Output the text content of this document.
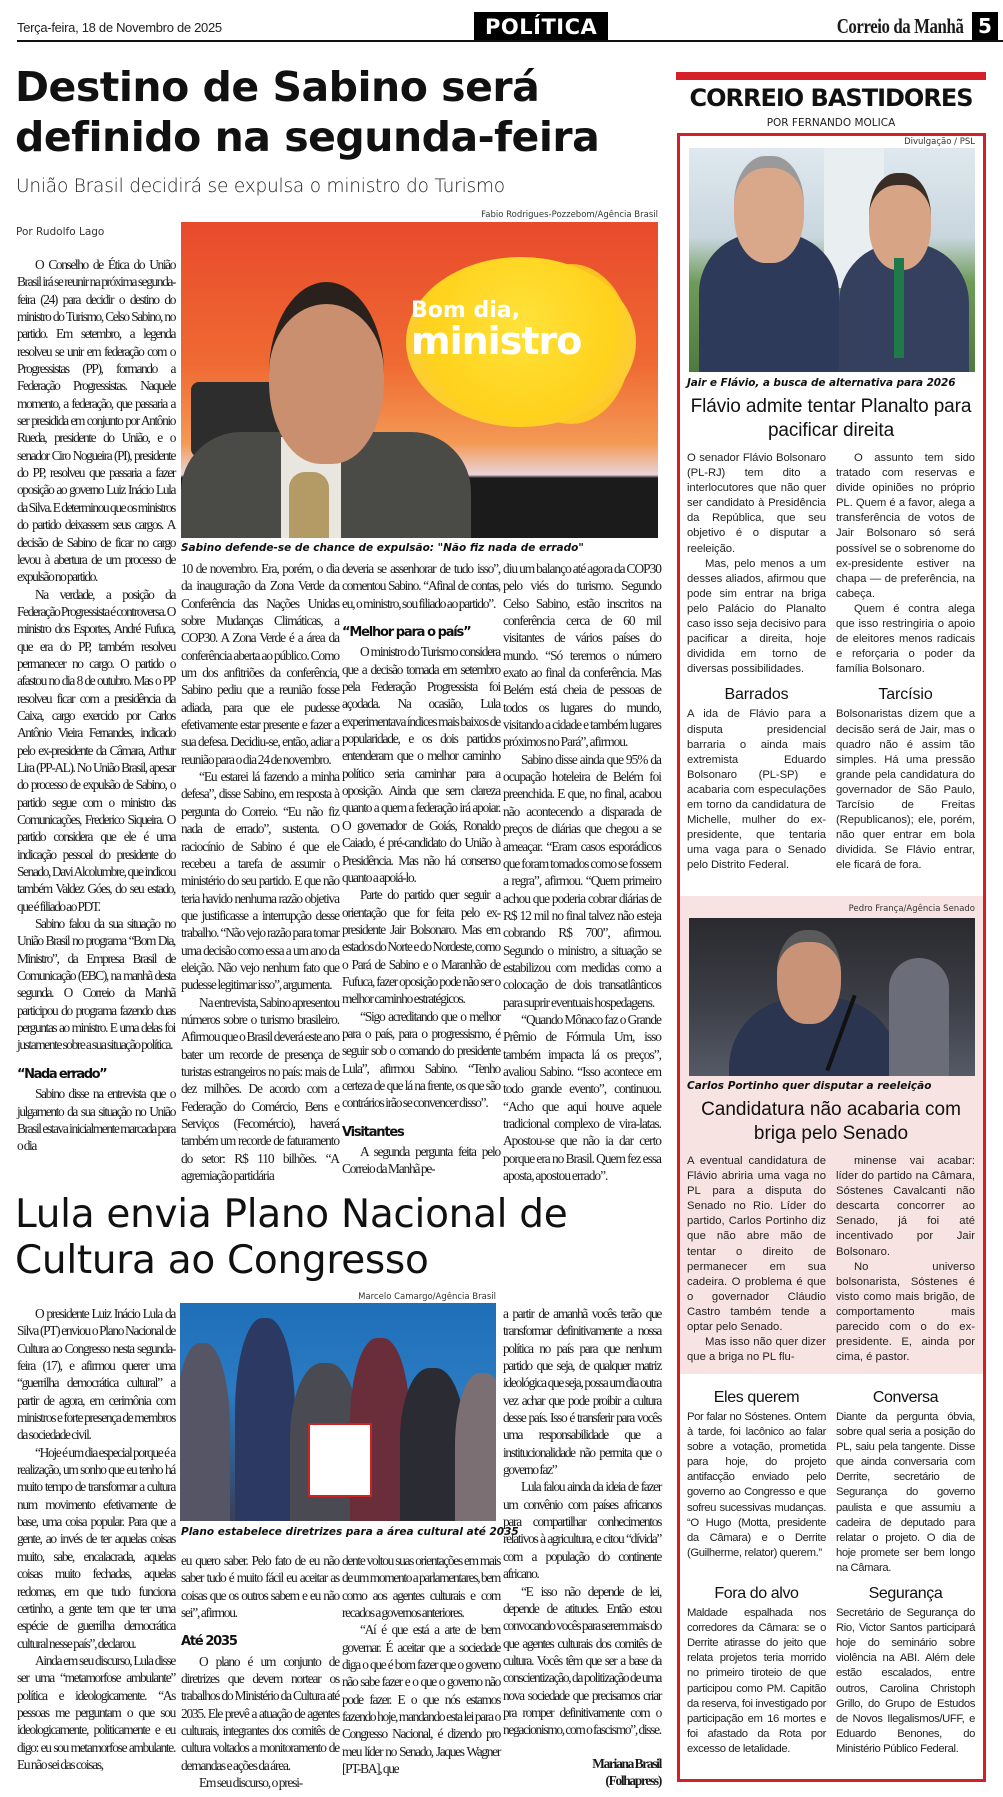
Terça-feira, 18 de Novembro de 2025	POLÍTICA	Correio da Manhã 5
Destino de Sabino será definido na segunda-feira
União Brasil decidirá se expulsa o ministro do Turismo
Por Rudolfo Lago
Fabio Rodrigues-Pozzebom/Agência Brasil
Bom dia,
ministro
Sabino defende-se de chance de expulsão: "Não fiz nada de errado"

O Conselho de Ética do União Brasil irá se reunir na próxima segunda-feira (24) para decidir o destino do ministro do Turismo, Celso Sabino, no partido. Em setembro, a legenda resolveu se unir em federação com o Progressistas (PP), formando a Federação Progressistas. Naquele momento, a federação, que passaria a ser presidida em conjunto por Antônio Rueda, presidente do União, e o senador Ciro Nogueira (PI), presidente do PP, resolveu que passaria a fazer oposição ao governo Luiz Inácio Lula da Silva. E determinou que os ministros do partido deixassem seus cargos. A decisão de Sabino de ficar no cargo levou à abertura de um processo de expulsão no partido.

Na verdade, a posição da Federação Progressista é controversa. O ministro dos Esportes, André Fufuca, que era do PP, também resolveu permanecer no cargo. O partido o afastou no dia 8 de outubro. Mas o PP resolveu ficar com a presidência da Caixa, cargo exercido por Carlos Antônio Vieira Fernandes, indicado pelo ex-presidente da Câmara, Arthur Lira (PP-AL). No União Brasil, apesar do processo de expulsão de Sabino, o partido segue com o ministro das Comunicações, Frederico Siqueira. O partido considera que ele é uma indicação pessoal do presidente do Senado, Davi Alcolumbre, que indicou também Valdez Góes, do seu estado, que é filiado ao PDT.

Sabino falou da sua situação no União Brasil no programa “Bom Dia, Ministro”, da Empresa Brasil de Comunicação (EBC), na manhã desta segunda. O Correio da Manhã participou do programa fazendo duas perguntas ao ministro. E uma delas foi justamente sobre a sua situação política.

“Nada errado”

Sabino disse na entrevista que o julgamento da sua situação no União Brasil estava inicialmente marcada para o dia

10 de novembro. Era, porém, o dia da inauguração da Zona Verde da Conferência das Nações Unidas sobre Mudanças Climáticas, a COP30. A Zona Verde é a área da conferência aberta ao público. Como um dos anfitriões da conferência, Sabino pediu que a reunião fosse adiada, para que ele pudesse efetivamente estar presente e fazer a sua defesa. Decidiu-se, então, adiar a reunião para o dia 24 de novembro.

“Eu estarei lá fazendo a minha defesa”, disse Sabino, em resposta à pergunta do Correio. “Eu não fiz nada de errado”, sustenta. O raciocínio de Sabino é que ele recebeu a tarefa de assumir o ministério do seu partido. E que não teria havido nenhuma razão objetiva que justificasse a interrupção desse trabalho. “Não vejo razão para tomar uma decisão como essa a um ano da eleição. Não vejo nenhum fato que pudesse legitimar isso”, argumenta.

Na entrevista, Sabino apresentou números sobre o turismo brasileiro. Afirmou que o Brasil deverá este ano bater um recorde de presença de turistas estrangeiros no país: mais de dez milhões. De acordo com a Federação do Comércio, Bens e Serviços (Fecomércio), haverá também um recorde de faturamento do setor: R$ 110 bilhões. “A agremiação partidária

deveria se assenhorar de tudo isso”, comentou Sabino. “Afinal de contas, eu, o ministro, sou filiado ao partido”.

“Melhor para o país”

O ministro do Turismo considera que a decisão tomada em setembro pela Federação Progressista foi açodada. Na ocasião, Lula experimentava índices mais baixos de popularidade, e os dois partidos entenderam que o melhor caminho político seria caminhar para a oposição. Ainda que sem clareza quanto a quem a federação irá apoiar. O governador de Goiás, Ronaldo Caiado, é pré-candidato do União à Presidência. Mas não há consenso quanto a apoiá-lo.

Parte do partido quer seguir a orientação que for feita pelo ex-presidente Jair Bolsonaro. Mas em estados do Norte e do Nordeste, como o Pará de Sabino e o Maranhão de Fufuca, fazer oposição pode não ser o melhor caminho estratégicos.

“Sigo acreditando que o melhor para o país, para o progressismo, é seguir sob o comando do presidente Lula”, afirmou Sabino. “Tenho certeza de que lá na frente, os que são contrários irão se convencer disso”.

Visitantes

A segunda pergunta feita pelo Correio da Manhã pe-

diu um balanço até agora da COP30 pelo viés do turismo. Segundo Celso Sabino, estão inscritos na conferência cerca de 60 mil visitantes de vários países do mundo. “Só teremos o número exato ao final da conferência. Mas Belém está cheia de pessoas de todos os lugares do mundo, visitando a cidade e também lugares próximos no Pará”, afirmou.

Sabino disse ainda que 95% da ocupação hoteleira de Belém foi preenchida. E que, no final, acabou não acontecendo a disparada de preços de diárias que chegou a se ameaçar. “Eram casos esporádicos que foram tomados como se fossem a regra”, afirmou. “Quem primeiro achou que poderia cobrar diárias de R$ 12 mil no final talvez não esteja cobrando R$ 700”, afirmou. Segundo o ministro, a situação se estabilizou com medidas como a colocação de dois transatlânticos para suprir eventuais hospedagens.

“Quando Mônaco faz o Grande Prêmio de Fórmula Um, isso também impacta lá os preços”, avaliou Sabino. “Isso acontece em todo grande evento”, continuou. “Acho que aqui houve aquele tradicional complexo de vira-latas. Apostou-se que não ia dar certo porque era no Brasil. Quem fez essa aposta, apostou errado”.

Lula envia Plano Nacional de Cultura ao Congresso
Marcelo Camargo/Agência Brasil
Plano estabelece diretrizes para a área cultural até 2035

O presidente Luiz Inácio Lula da Silva (PT) enviou o Plano Nacional de Cultura ao Congresso nesta segunda-feira (17), e afirmou querer uma “guerrilha democrática cultural” a partir de agora, em cerimônia com ministros e forte presença de membros da sociedade civil.

“Hoje é um dia especial porque é a realização, um sonho que eu tenho há muito tempo de transformar a cultura num movimento efetivamente de base, uma coisa popular. Para que a gente, ao invés de ter aquelas coisas muito, sabe, encalacrada, aquelas coisas muito fechadas, aquelas redomas, em que tudo funciona certinho, a gente tem que ter uma espécie de guerrilha democrática cultural nesse país”, declarou.

Ainda em seu discurso, Lula disse ser uma “metamorfose ambulante” política e ideologicamente. “As pessoas me perguntam o que sou ideologicamente, politicamente e eu digo: eu sou metamorfose ambulante. Eu não sei das coisas,

eu quero saber. Pelo fato de eu não saber tudo é muito fácil eu aceitar as coisas que os outros sabem e eu não sei”, afirmou.

Até 2035

O plano é um conjunto de diretrizes que devem nortear os trabalhos do Ministério da Cultura até 2035. Ele prevê a atuação de agentes culturais, integrantes dos comitês de cultura voltados a monitoramento de demandas e ações da área.

Em seu discurso, o presi-

dente voltou suas orientações em mais de um momento a parlamentares, bem como aos agentes culturais e com recados a governos anteriores.

“Aí é que está a arte de bem governar. É aceitar que a sociedade diga o que é bom fazer que o governo não sabe fazer e o que o governo não pode fazer. E o que nós estamos fazendo hoje, mandando esta lei para o Congresso Nacional, é dizendo pro meu líder no Senado, Jaques Wagner [PT-BA], que

a partir de amanhã vocês terão que transformar definitivamente a nossa política no país para que nenhum partido que seja, de qualquer matriz ideológica que seja, possa um dia outra vez achar que pode proibir a cultura desse país. Isso é transferir para vocês uma responsabilidade que a institucionalidade não permita que o governo faz”

Lula falou ainda da ideia de fazer um convênio com países africanos para compartilhar conhecimentos relativos à agricultura, e citou “dívida” com a população do continente africano.

“E isso não depende de lei, depende de atitudes. Então estou convocando vocês para serem mais do que agentes culturais dos comitês de cultura. Vocês têm que ser a base da conscientização, da politização de uma nova sociedade que precisamos criar pra romper definitivamente com o negacionismo, com o fascismo”, disse.

Mariana Brasil

(Folhapress)

CORREIO BASTIDORES
POR FERNANDO MOLICA
Divulgação / PSL
Jair e Flávio, a busca de alternativa para 2026
Flávio admite tentar Planalto para pacificar direita

O senador Flávio Bolsonaro (PL-RJ) tem dito a interlocutores que não quer ser candidato à Presidência da República, que seu objetivo é o disputar a reeleição.

Mas, pelo menos a um desses aliados, afirmou que pode sim entrar na briga pelo Palácio do Planalto caso isso seja decisivo para pacificar a direita, hoje dividida em torno de diversas possibilidades.

O assunto tem sido tratado com reservas e divide opiniões no próprio PL. Quem é a favor, alega a transferência de votos de Jair Bolsonaro só será possível se o sobrenome do ex-presidente estiver na chapa — de preferência, na cabeça.

Quem é contra alega que isso restringiria o apoio de eleitores menos radicais e reforçaria o poder da família Bolsonaro.

Barrados

A ida de Flávio para a disputa presidencial barraria o ainda mais extremista Eduardo Bolsonaro (PL-SP) e acabaria com especulações em torno da candidatura de Michelle, mulher do ex-presidente, que tentaria uma vaga para o Senado pelo Distrito Federal.

Tarcísio

Bolsonaristas dizem que a decisão será de Jair, mas o quadro não é assim tão simples. Há uma pressão grande pela candidatura do governador de São Paulo, Tarcísio de Freitas (Republicanos); ele, porém, não quer entrar em bola dividida. Se Flávio entrar, ele ficará de fora.

Pedro França/Agência Senado
Carlos Portinho quer disputar a reeleição
Candidatura não acabaria com briga pelo Senado

A eventual candidatura de Flávio abriria uma vaga no PL para a disputa do Senado no Rio. Líder do partido, Carlos Portinho diz que não abre mão de tentar o direito de permanecer em sua cadeira. O problema é que o governador Cláudio Castro também tende a optar pelo Senado.

Mas isso não quer dizer que a briga no PL flu-

minense vai acabar: líder do partido na Câmara, Sóstenes Cavalcanti não descarta concorrer ao Senado, já foi até incentivado por Jair Bolsonaro.

No universo bolsonarista, Sóstenes é visto como mais brigão, de comportamento mais parecido com o do ex-presidente. E, ainda por cima, é pastor.

Eles querem

Por falar no Sóstenes. Ontem à tarde, foi lacônico ao falar sobre a votação, prometida para hoje, do projeto antifacção enviado pelo governo ao Congresso e que sofreu sucessivas mudanças. “O Hugo (Motta, presidente da Câmara) e o Derrite (Guilherme, relator) querem.”

Conversa

Diante da pergunta óbvia, sobre qual seria a posição do PL, saiu pela tangente. Disse que ainda conversaria com Derrite, secretário de Segurança do governo paulista e que assumiu a cadeira de deputado para relatar o projeto. O dia de hoje promete ser bem longo na Câmara.

Fora do alvo

Maldade espalhada nos corredores da Câmara: se o Derrite atirasse do jeito que relata projetos teria morrido no primeiro tiroteio de que participou como PM. Capitão da reserva, foi investigado por participação em 16 mortes e foi afastado da Rota por excesso de letalidade.

Segurança

Secretário de Segurança do Rio, Victor Santos participará hoje do seminário sobre violência na ABI. Além dele estão escalados, entre outros, Carolina Christoph Grillo, do Grupo de Estudos de Novos Ilegalismos/UFF, e Eduardo Benones, do Ministério Público Federal.
